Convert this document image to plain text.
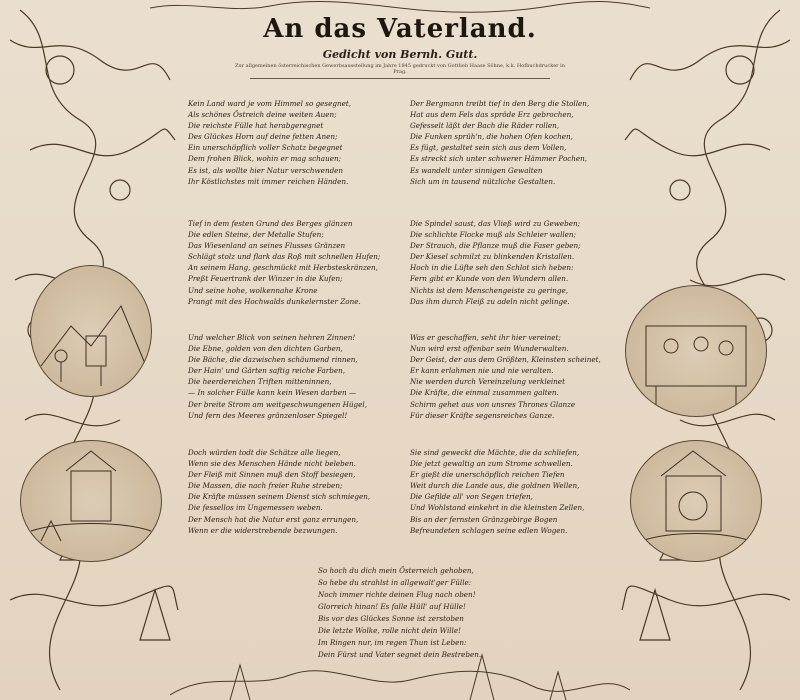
An das Vaterland.
Gedicht von Bernh. Gutt.
Zur allgemeinen österreichischen Gewerbsausstellung im Jahre 1845 gedruckt von Gottlieb Haase Söhne, k.k. Hofbuchdrucker in Prag.
Kein Land ward je vom Himmel so gesegnet,
Als schönes Östreich deine weiten Auen;
Die reichste Fülle hat herabgeregnet
Des Glückes Horn auf deine fetten Anen;
Ein unerschöpflich voller Schatz begegnet
Dem frohen Blick, wohin er mag schauen;
Es ist, als wollte hier Natur verschwenden
Ihr Köstlichstes mit immer reichen Händen.
Tief in dem festen Grund des Berges glänzen
Die edlen Steine, der Metalle Stufen;
Das Wiesenland an seines Flusses Gränzen
Schlägt stolz und flark das Roß mit schnellen Hufen;
An seinem Hang, geschmückt mit Herbsteskränzen,
Preßt Feuertrank der Winzer in die Kufen;
Und seine hohe, wolkennahe Krone
Prangt mit des Hochwalds dunkelernster Zone.
Und welcher Blick von seinen hehren Zinnen!
Die Ebne, golden von den dichten Garben,
Die Bäche, die dazwischen schäumend rinnen,
Der Hain' und Gärten saftig reiche Farben,
Die heerdereichen Triften mitteninnen,
— In solcher Fülle kann kein Wesen darben —
Der breite Strom am weitgeschwungenen Hügel,
Und fern des Meeres gränzenloser Spiegel!
Doch würden todt die Schätze alle liegen,
Wenn sie des Menschen Hände nicht beleben.
Der Fleiß mit Sinnen muß den Stoff besiegen,
Die Massen, die nach freier Ruhe streben;
Die Kräfte müssen seinem Dienst sich schmiegen,
Die fessellos im Ungemessen weben.
Der Mensch hat die Natur erst ganz errungen,
Wenn er die widerstrebende bezwungen.
Der Bergmann treibt tief in den Berg die Stollen,
Hat aus dem Fels das spröde Erz gebrochen,
Gefesselt läßt der Bach die Räder rollen,
Die Funken sprüh'n, die hohen Ofen kochen,
Es fügt, gestaltet sein sich aus dem Vollen,
Es streckt sich unter schwerer Hämmer Pochen,
Es wandelt unter sinnigen Gewalten
Sich um in tausend nützliche Gestalten.
Die Spindel saust, das Vließ wird zu Geweben;
Die schlichte Flocke muß als Schleier wallen;
Der Strauch, die Pflanze muß die Faser geben;
Der Kiesel schmilzt zu blinkenden Kristallen.
Hoch in die Lüfte seh den Schlot sich heben:
Fern gibt er Kunde von den Wundern allen.
Nichts ist dem Menschengeiste zu geringe,
Das ihm durch Fleiß zu adeln nicht gelinge.
Was er geschaffen, seht ihr hier vereinet;
Nun wird erst offenbar sein Wunderwalten.
Der Geist, der aus dem Größten, Kleinsten scheinet,
Er kann erlahmen nie und nie veralten.
Nie werden durch Vereinzelung verkleinet
Die Kräfte, die einmal zusammen galten.
Schirm gehet aus von unsres Thrones Glanze
Für dieser Kräfte segensreiches Ganze.
Sie sind geweckt die Mächte, die da schliefen,
Die jetzt gewaltig an zum Strome schwellen.
Er gießt die unerschöpflich reichen Tiefen
Weit durch die Lande aus, die goldnen Wellen,
Die Gefilde all' von Segen triefen,
Und Wohlstand einkehrt in die kleinsten Zellen,
Bis an der fernsten Gränzgebirge Bogen
Befreundeten schlagen seine edlen Wogen.
So hoch du dich mein Österreich gehoben,
So hebe du strahlst in allgewalt'ger Fülle:
Noch immer richte deinen Flug nach oben!
Glorreich hinan! Es falle Hüll' auf Hülle!
Bis vor des Glückes Sonne ist zerstoben
Die letzte Wolke, rolle nicht dein Wille!
Im Ringen nur, im regen Thun ist Leben:
Dein Fürst und Vater segnet dein Bestreben.
